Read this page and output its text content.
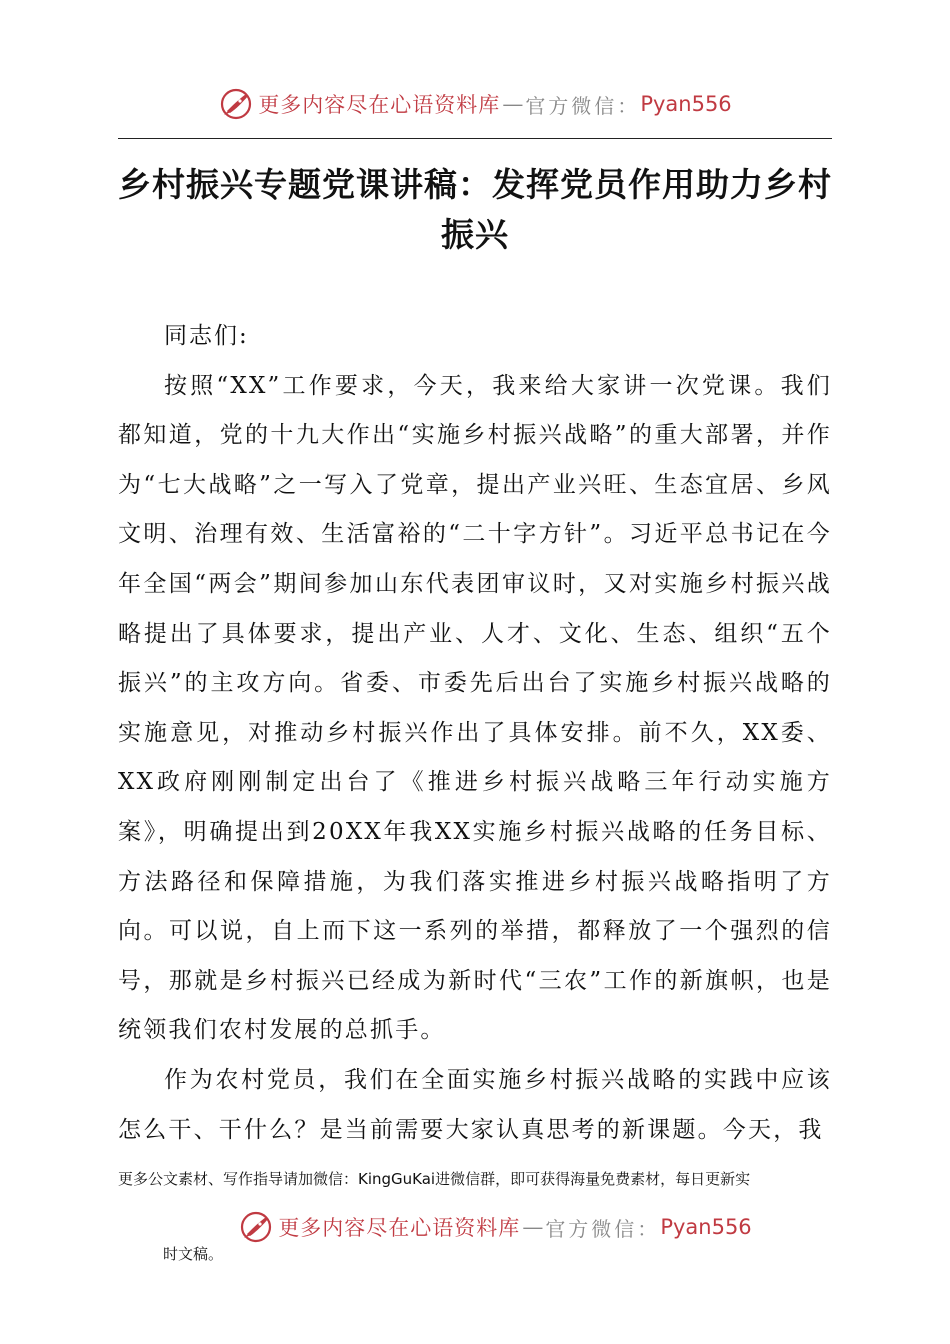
更多内容尽在心语资料库 — 官方微信： Pyan556
乡村振兴专题党课讲稿：发挥党员作用助力乡村振兴

同志们:

按照“XX”工作要求，今天，我来给大家讲一次党课。我们都知道，党的十九大作出“实施乡村振兴战略”的重大部署，并作为“七大战略”之一写入了党章，提出产业兴旺、生态宜居、乡风文明、治理有效、生活富裕的“二十字方针”。习近平总书记在今年全国“两会”期间参加山东代表团审议时，又对实施乡村振兴战略提出了具体要求，提出产业、人才、文化、生态、组织“五个振兴”的主攻方向。省委、市委先后出台了实施乡村振兴战略的实施意见，对推动乡村振兴作出了具体安排。前不久，XX委、XX政府刚刚制定出台了《推进乡村振兴战略三年行动实施方案》，明确提出到20XX年我XX实施乡村振兴战略的任务目标、方法路径和保障措施，为我们落实推进乡村振兴战略指明了方向。可以说，自上而下这一系列的举措，都释放了一个强烈的信号，那就是乡村振兴已经成为新时代“三农”工作的新旗帜，也是统领我们农村发展的总抓手。

作为农村党员，我们在全面实施乡村振兴战略的实践中应该怎么干、干什么？是当前需要大家认真思考的新课题。今天，我

更多公文素材、写作指导请加微信：KingGuKai进微信群，即可获得海量免费素材，每日更新实
更多内容尽在心语资料库 — 官方微信： Pyan556
时文稿。
